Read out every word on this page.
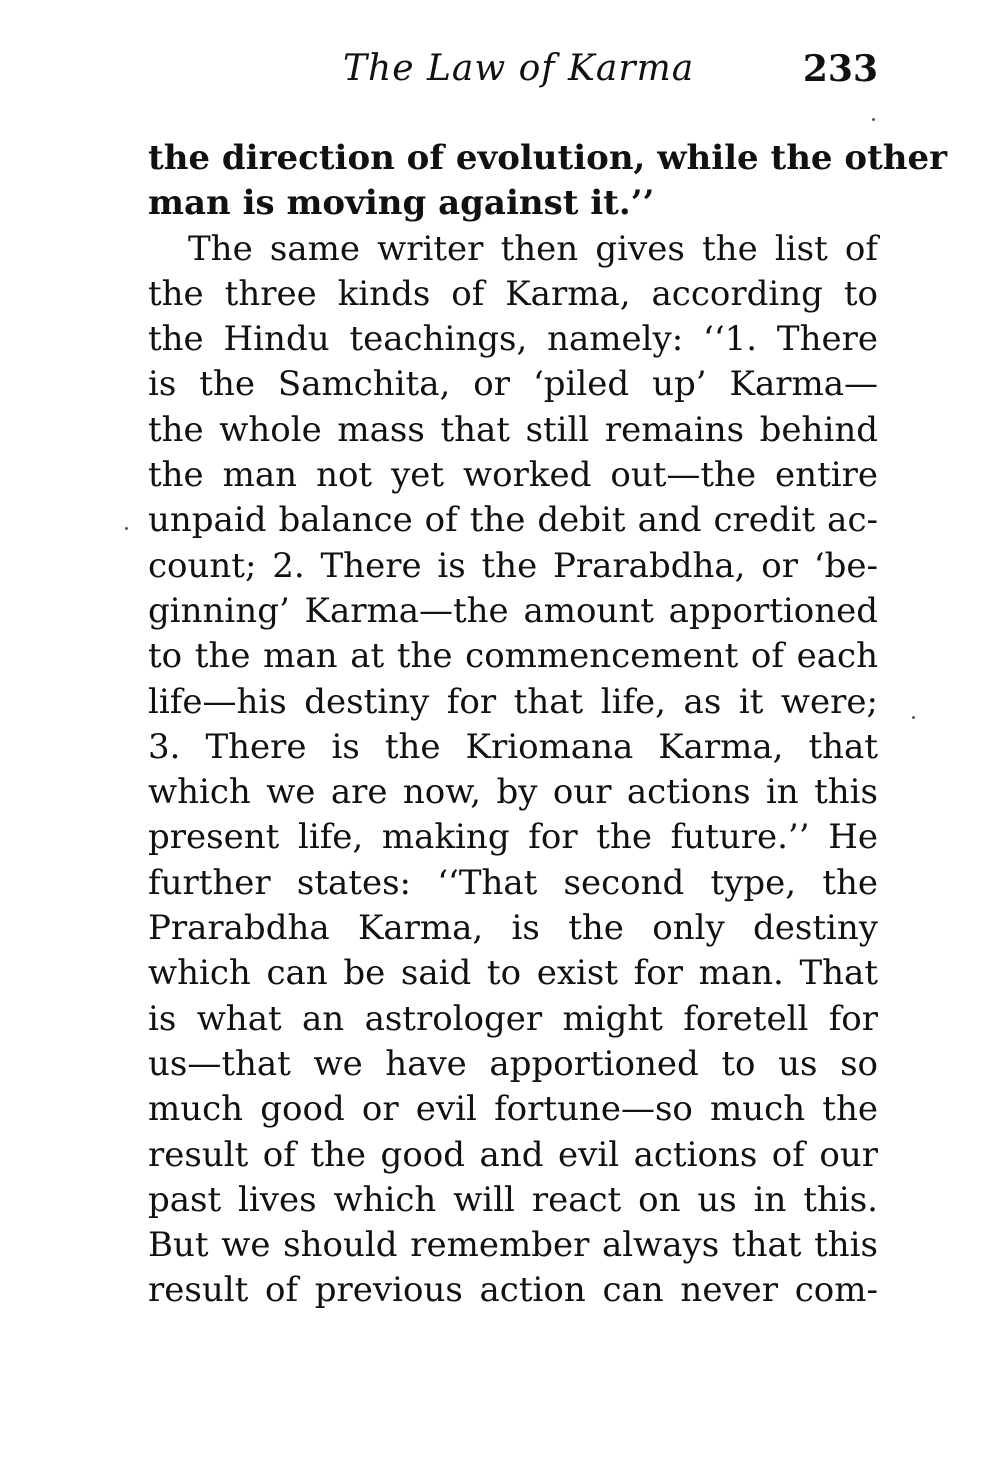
The Law of Karma	233
the direction of evolution, while the other
man is moving against it.’’
The same writer then gives the list of
the three kinds of Karma, according to
the Hindu teachings, namely: ‘‘1. There
is the Samchita, or ‘piled up’ Karma—
the whole mass that still remains behind
the man not yet worked out—the entire
unpaid balance of the debit and credit ac-
count; 2. There is the Prarabdha, or ‘be-
ginning’ Karma—the amount apportioned
to the man at the commencement of each
life—his destiny for that life, as it were;
3. There is the Kriomana Karma, that
which we are now, by our actions in this
present life, making for the future.’’ He
further states: ‘‘That second type, the
Prarabdha Karma, is the only destiny
which can be said to exist for man. That
is what an astrologer might foretell for
us—that we have apportioned to us so
much good or evil fortune—so much the
result of the good and evil actions of our
past lives which will react on us in this.
But we should remember always that this
result of previous action can never com-
